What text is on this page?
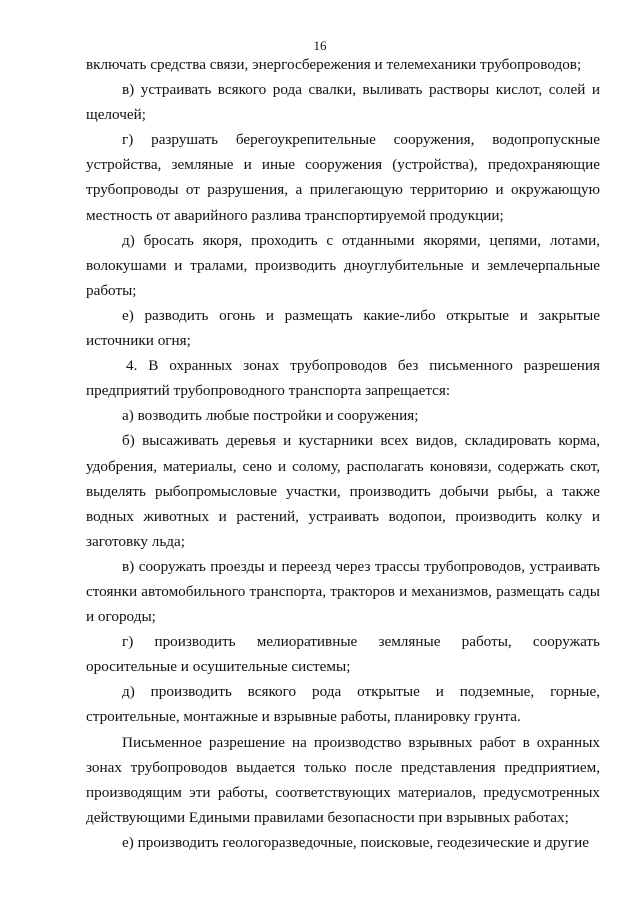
16

включать средства связи, энергосбережения и телемеханики трубопроводов;

в) устраивать всякого рода свалки, выливать растворы кислот, солей и щелочей;

г) разрушать берегоукрепительные сооружения, водопропускные устройства, земляные и иные сооружения (устройства), предохраняющие трубопроводы от разрушения, а прилегающую территорию и окружающую местность от аварийного разлива транспортируемой продукции;

д) бросать якоря, проходить с отданными якорями, цепями, лотами, волокушами и тралами, производить дноуглубительные и землечерпальные работы;

е) разводить огонь и размещать какие-либо открытые и закрытые источники огня;

4. В охранных зонах трубопроводов без письменного разрешения предприятий трубопроводного транспорта запрещается:

а) возводить любые постройки и сооружения;

б) высаживать деревья и кустарники всех видов, складировать корма, удобрения, материалы, сено и солому, располагать коновязи, содержать скот, выделять рыбопромысловые участки, производить добычи рыбы, а также водных животных и растений, устраивать водопои, производить колку и заготовку льда;

в) сооружать проезды и переезд через трассы трубопроводов, устраивать стоянки автомобильного транспорта, тракторов и механизмов, размещать сады и огороды;

г) производить мелиоративные земляные работы, сооружать оросительные и осушительные системы;

д) производить всякого рода открытые и подземные, горные, строительные, монтажные и взрывные работы, планировку грунта.

Письменное разрешение на производство взрывных работ в охранных зонах трубопроводов выдается только после представления предприятием, производящим эти работы, соответствующих материалов, предусмотренных действующими Едиными правилами безопасности при взрывных работах;

е) производить геологоразведочные, поисковые, геодезические и другие
